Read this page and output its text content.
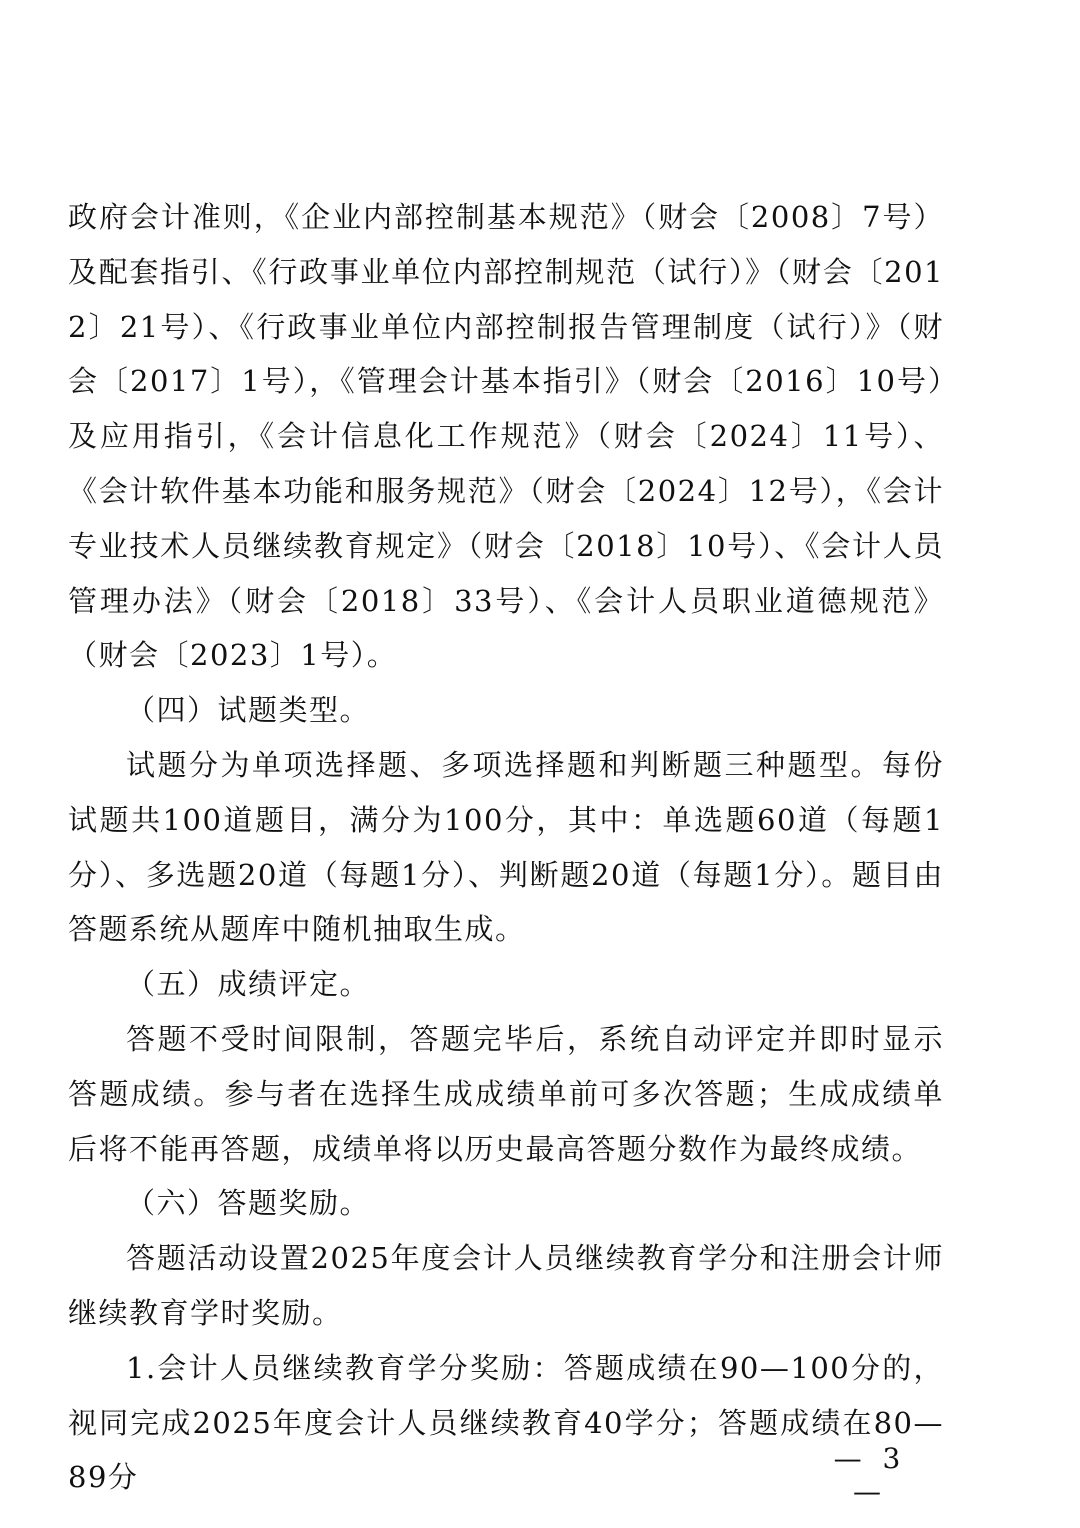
政府会计准则，《企业内部控制基本规范》（财会〔2008〕7号）及配套指引、《行政事业单位内部控制规范（试行）》（财会〔2012〕21号）、《行政事业单位内部控制报告管理制度（试行）》（财会〔2017〕1号），《管理会计基本指引》（财会〔2016〕10号）及应用指引，《会计信息化工作规范》（财会〔2024〕11号）、《会计软件基本功能和服务规范》（财会〔2024〕12号），《会计专业技术人员继续教育规定》（财会〔2018〕10号）、《会计人员管理办法》（财会〔2018〕33号）、《会计人员职业道德规范》（财会〔2023〕1号）。

（四）试题类型。

试题分为单项选择题、多项选择题和判断题三种题型。每份试题共100道题目，满分为100分，其中：单选题60道（每题1分）、多选题20道（每题1分）、判断题20道（每题1分）。题目由答题系统从题库中随机抽取生成。

（五）成绩评定。

答题不受时间限制，答题完毕后，系统自动评定并即时显示答题成绩。参与者在选择生成成绩单前可多次答题；生成成绩单后将不能再答题，成绩单将以历史最高答题分数作为最终成绩。

（六）答题奖励。

答题活动设置2025年度会计人员继续教育学分和注册会计师继续教育学时奖励。

1.会计人员继续教育学分奖励：答题成绩在90—100分的，视同完成2025年度会计人员继续教育40学分；答题成绩在80—89分

— 3 —
